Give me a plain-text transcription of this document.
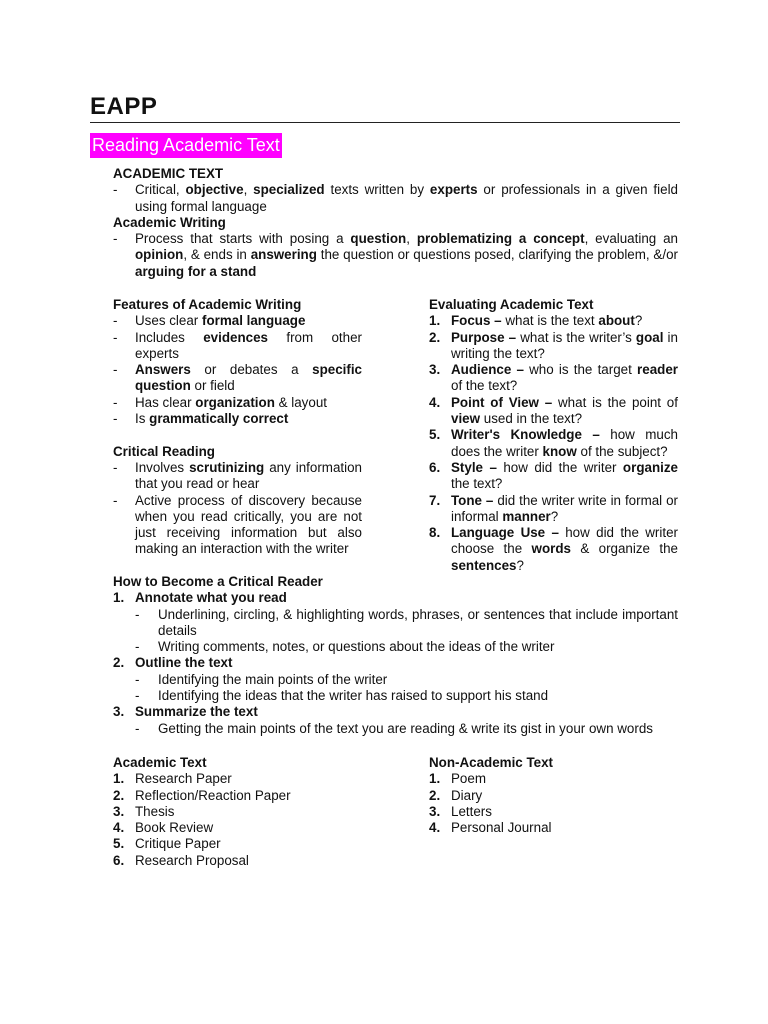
EAPP
Reading Academic Text
ACADEMIC TEXT
- Critical, objective, specialized texts written by experts or professionals in a given field using formal language
Academic Writing
- Process that starts with posing a question, problematizing a concept, evaluating an opinion, & ends in answering the question or questions posed, clarifying the problem, &/or arguing for a stand
Features of Academic Writing
- Uses clear formal language
- Includes evidences from other experts
- Answers or debates a specific question or field
- Has clear organization & layout
- Is grammatically correct
Critical Reading
- Involves scrutinizing any information that you read or hear
- Active process of discovery because when you read critically, you are not just receiving information but also making an interaction with the writer
Evaluating Academic Text
1. Focus – what is the text about?
2. Purpose – what is the writer’s goal in writing the text?
3. Audience – who is the target reader of the text?
4. Point of View – what is the point of view used in the text?
5. Writer's Knowledge – how much does the writer know of the subject?
6. Style – how did the writer organize the text?
7. Tone – did the writer write in formal or informal manner?
8. Language Use – how did the writer choose the words & organize the sentences?
How to Become a Critical Reader
1. Annotate what you read
- Underlining, circling, & highlighting words, phrases, or sentences that include important details
- Writing comments, notes, or questions about the ideas of the writer
2. Outline the text
- Identifying the main points of the writer
- Identifying the ideas that the writer has raised to support his stand
3. Summarize the text
- Getting the main points of the text you are reading & write its gist in your own words
Academic Text
1. Research Paper
2. Reflection/Reaction Paper
3. Thesis
4. Book Review
5. Critique Paper
6. Research Proposal
Non-Academic Text
1. Poem
2. Diary
3. Letters
4. Personal Journal
